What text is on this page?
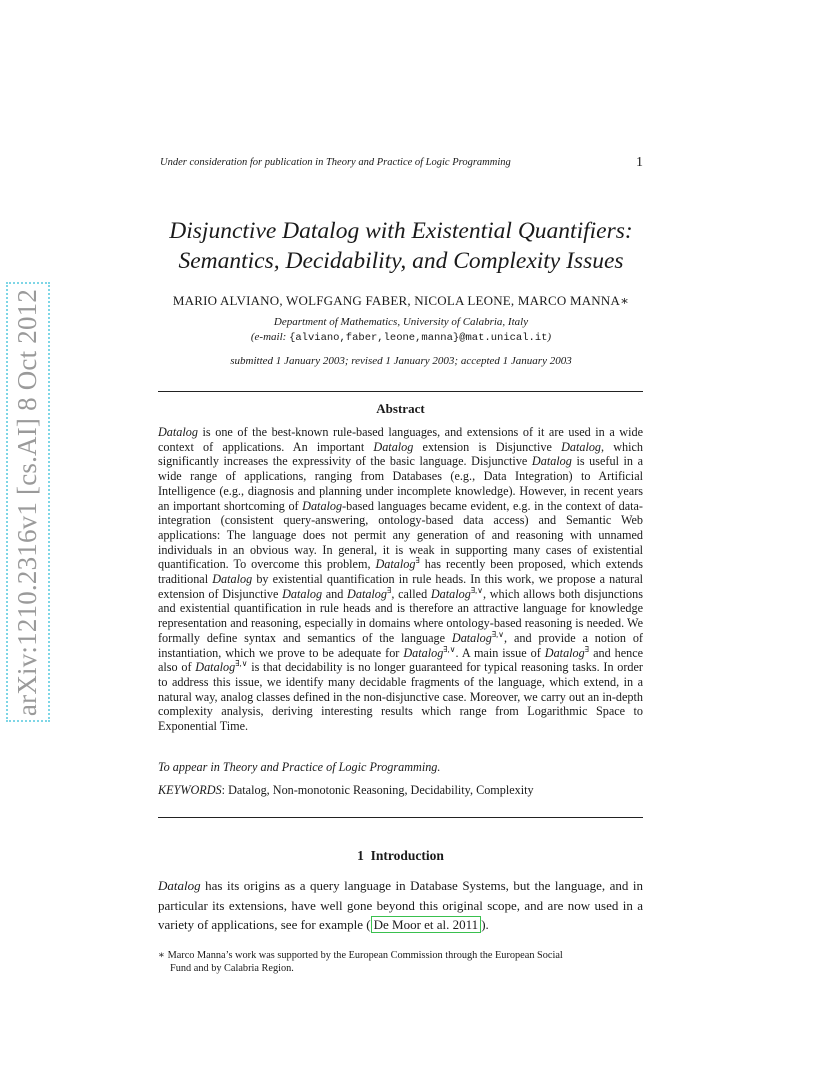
Under consideration for publication in Theory and Practice of Logic Programming	1
arXiv:1210.2316v1 [cs.AI] 8 Oct 2012
Disjunctive Datalog with Existential Quantifiers:
Semantics, Decidability, and Complexity Issues
MARIO ALVIANO, WOLFGANG FABER, NICOLA LEONE, MARCO MANNA∗
Department of Mathematics, University of Calabria, Italy
(e-mail: {alviano,faber,leone,manna}@mat.unical.it)
submitted 1 January 2003; revised 1 January 2003; accepted 1 January 2003
Abstract

Datalog is one of the best-known rule-based languages, and extensions of it are used in a wide context of applications. An important Datalog extension is Disjunctive Datalog, which significantly increases the expressivity of the basic language. Disjunctive Datalog is useful in a wide range of applications, ranging from Databases (e.g., Data Integration) to Artificial Intelligence (e.g., diagnosis and planning under incomplete knowledge). However, in recent years an important shortcoming of Datalog-based languages became evident, e.g. in the context of data-integration (consistent query-answering, ontology-based data access) and Semantic Web applications: The language does not permit any generation of and reasoning with unnamed individuals in an obvious way. In general, it is weak in supporting many cases of existential quantification. To overcome this problem, Datalog∃ has recently been proposed, which extends traditional Datalog by existential quantification in rule heads. In this work, we propose a natural extension of Disjunctive Datalog and Datalog∃, called Datalog∃,∨, which allows both disjunctions and existential quantification in rule heads and is therefore an attractive language for knowledge representation and reasoning, especially in domains where ontology-based reasoning is needed. We formally define syntax and semantics of the language Datalog∃,∨, and provide a notion of instantiation, which we prove to be adequate for Datalog∃,∨. A main issue of Datalog∃ and hence also of Datalog∃,∨ is that decidability is no longer guaranteed for typical reasoning tasks. In order to address this issue, we identify many decidable fragments of the language, which extend, in a natural way, analog classes defined in the non-disjunctive case. Moreover, we carry out an in-depth complexity analysis, deriving interesting results which range from Logarithmic Space to Exponential Time.

To appear in Theory and Practice of Logic Programming.
KEYWORDS: Datalog, Non-monotonic Reasoning, Decidability, Complexity
1 Introduction

Datalog has its origins as a query language in Database Systems, but the language, and in particular its extensions, have well gone beyond this original scope, and are now used in a variety of applications, see for example ( De Moor et al. 2011 ).

∗ Marco Manna’s work was supported by the European Commission through the European Social
Fund and by Calabria Region.
